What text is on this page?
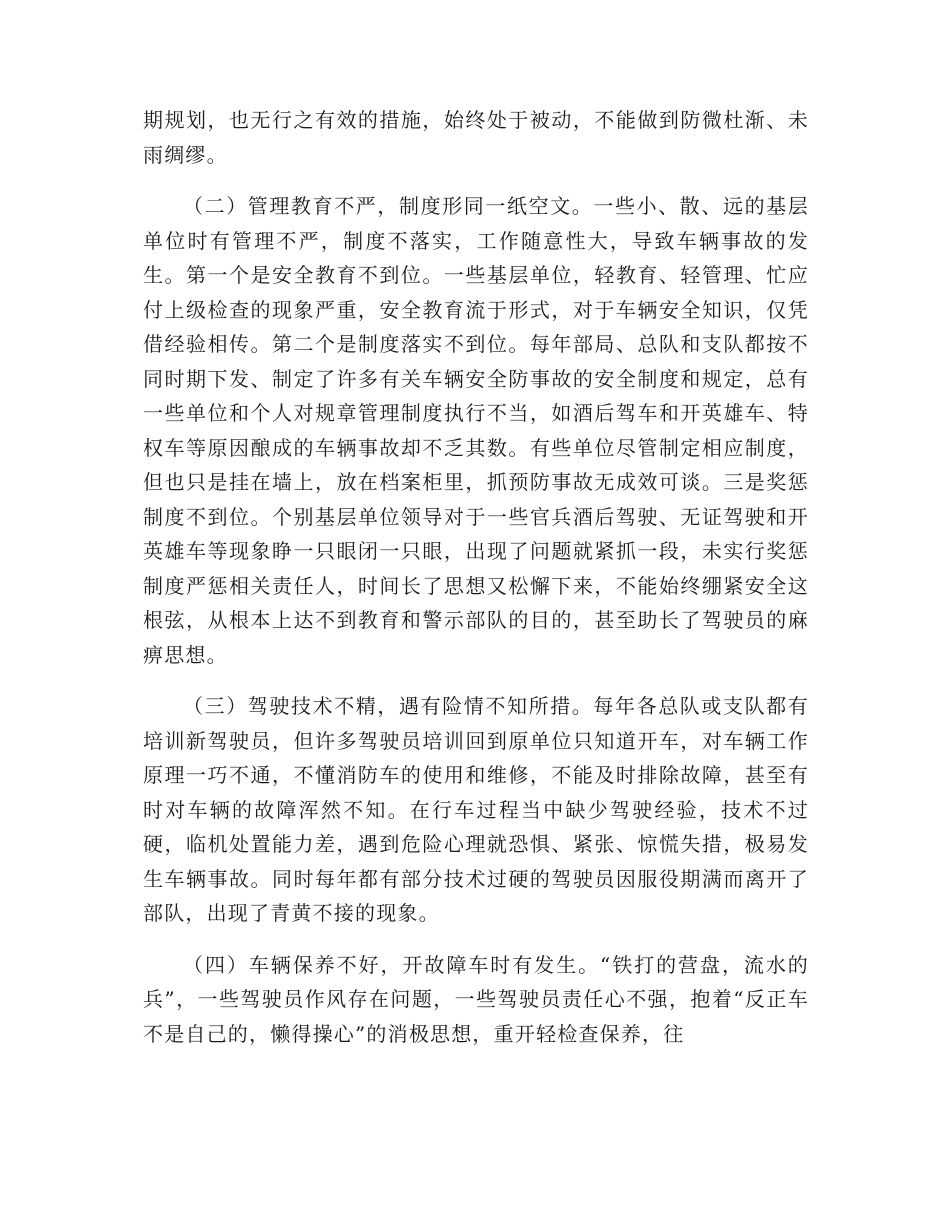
期规划，也无行之有效的措施，始终处于被动，不能做到防微杜渐、未雨绸缪。

（二）管理教育不严，制度形同一纸空文。一些小、散、远的基层单位时有管理不严，制度不落实，工作随意性大，导致车辆事故的发生。第一个是安全教育不到位。一些基层单位，轻教育、轻管理、忙应付上级检查的现象严重，安全教育流于形式，对于车辆安全知识，仅凭借经验相传。第二个是制度落实不到位。每年部局、总队和支队都按不同时期下发、制定了许多有关车辆安全防事故的安全制度和规定，总有一些单位和个人对规章管理制度执行不当，如酒后驾车和开英雄车、特权车等原因酿成的车辆事故却不乏其数。有些单位尽管制定相应制度，但也只是挂在墙上，放在档案柜里，抓预防事故无成效可谈。三是奖惩制度不到位。个别基层单位领导对于一些官兵酒后驾驶、无证驾驶和开英雄车等现象睁一只眼闭一只眼，出现了问题就紧抓一段，未实行奖惩制度严惩相关责任人，时间长了思想又松懈下来，不能始终绷紧安全这根弦，从根本上达不到教育和警示部队的目的，甚至助长了驾驶员的麻痹思想。

（三）驾驶技术不精，遇有险情不知所措。每年各总队或支队都有培训新驾驶员，但许多驾驶员培训回到原单位只知道开车，对车辆工作原理一巧不通，不懂消防车的使用和维修，不能及时排除故障，甚至有时对车辆的故障浑然不知。在行车过程当中缺少驾驶经验，技术不过硬，临机处置能力差，遇到危险心理就恐惧、紧张、惊慌失措，极易发生车辆事故。同时每年都有部分技术过硬的驾驶员因服役期满而离开了部队，出现了青黄不接的现象。

（四）车辆保养不好，开故障车时有发生。“铁打的营盘，流水的兵”，一些驾驶员作风存在问题，一些驾驶员责任心不强，抱着“反正车不是自己的，懒得操心”的消极思想，重开轻检查保养，往
